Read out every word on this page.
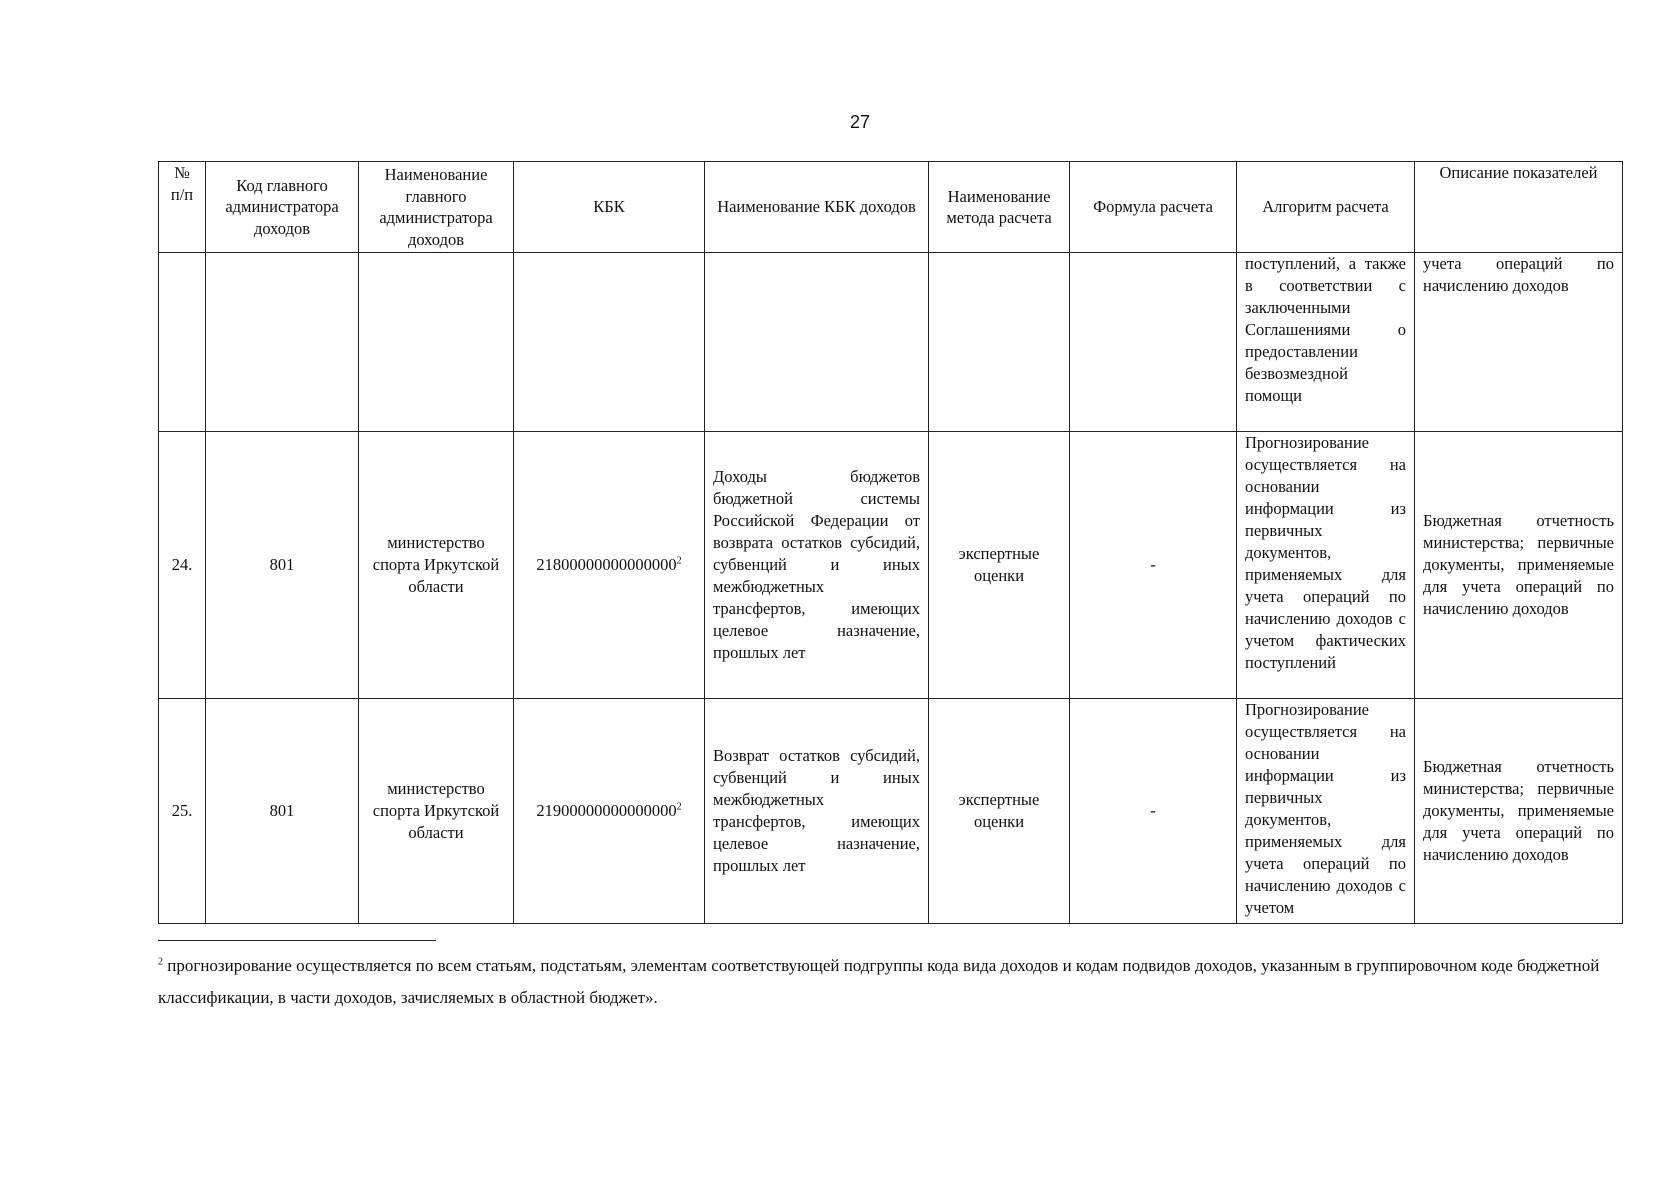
27
№ п/п	Код главного администратора доходов	Наименование главного администратора доходов	КБК	Наименование КБК доходов	Наименование метода расчета	Формула расчета	Алгоритм расчета	Описание показателей
							поступлений, а также в соответствии с заключенными Соглашениями о предоставлении безвозмездной помощи	учета операций по начислению доходов
24.	801	министерство спорта Иркутской области	21800000000000000$^2$	Доходы бюджетов бюджетной системы Российской Федерации от возврата остатков субсидий, субвенций и иных межбюджетных трансфертов, имеющих целевое назначение, прошлых лет	экспертные оценки	-	Прогнозирование осуществляется на основании информации из первичных документов, применяемых для учета операций по начислению доходов с учетом фактических поступлений	Бюджетная отчетность министерства; первичные документы, применяемые для учета операций по начислению доходов
25.	801	министерство спорта Иркутской области	21900000000000000$^2$	Возврат остатков субсидий, субвенций и иных межбюджетных трансфертов, имеющих целевое назначение, прошлых лет	экспертные оценки	-	Прогнозирование осуществляется на основании информации из первичных документов, применяемых для учета операций по начислению доходов с учетом	Бюджетная отчетность министерства; первичные документы, применяемые для учета операций по начислению доходов
$^2$ прогнозирование осуществляется по всем статьям, подстатьям, элементам соответствующей подгруппы кода вида доходов и кодам подвидов доходов, указанным в группировочном коде бюджетной классификации, в части доходов, зачисляемых в областной бюджет».
